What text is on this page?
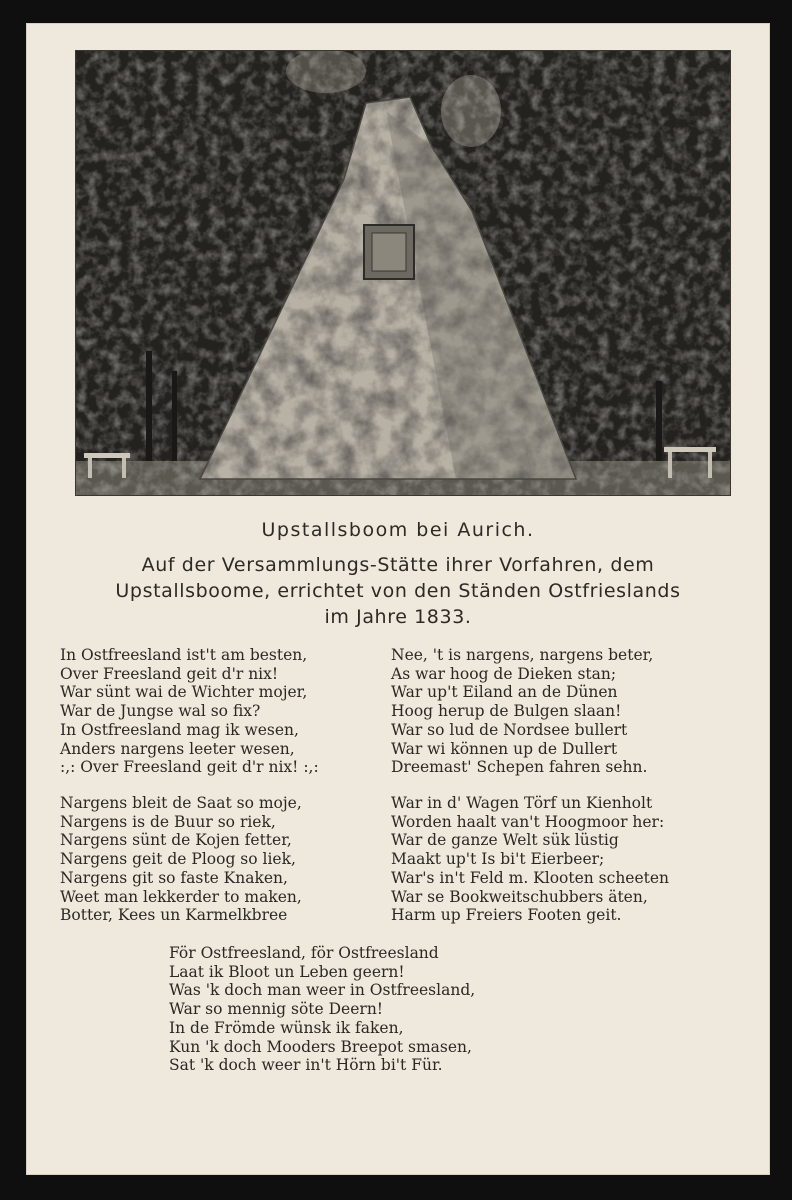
Upstallsboom bei Aurich.
Auf der Versammlungs-Stätte ihrer Vorfahren, dem
Upstallsboome, errichtet von den Ständen Ostfrieslands
im Jahre 1833.
In Ostfreesland ist't am besten,
Over Freesland geit d'r nix!
War sünt wai de Wichter mojer,
War de Jungse wal so fix?
In Ostfreesland mag ik wesen,
Anders nargens leeter wesen,
:,: Over Freesland geit d'r nix! :,:
Nee, 't is nargens, nargens beter,
As war hoog de Dieken stan;
War up't Eiland an de Dünen
Hoog herup de Bulgen slaan!
War so lud de Nordsee bullert
War wi können up de Dullert
Dreemast' Schepen fahren sehn.
Nargens bleit de Saat so moje,
Nargens is de Buur so riek,
Nargens sünt de Kojen fetter,
Nargens geit de Ploog so liek,
Nargens git so faste Knaken,
Weet man lekkerder to maken,
Botter, Kees un Karmelkbree
War in d' Wagen Törf un Kienholt
Worden haalt van't Hoogmoor her:
War de ganze Welt sük lüstig
Maakt up't Is bi't Eierbeer;
War's in't Feld m. Klooten scheeten
War se Bookweitschubbers äten,
Harm up Freiers Footen geit.
För Ostfreesland, för Ostfreesland
Laat ik Bloot un Leben geern!
Was 'k doch man weer in Ostfreesland,
War so mennig söte Deern!
In de Frömde wünsk ik faken,
Kun 'k doch Mooders Breepot smasen,
Sat 'k doch weer in't Hörn bi't Für.
